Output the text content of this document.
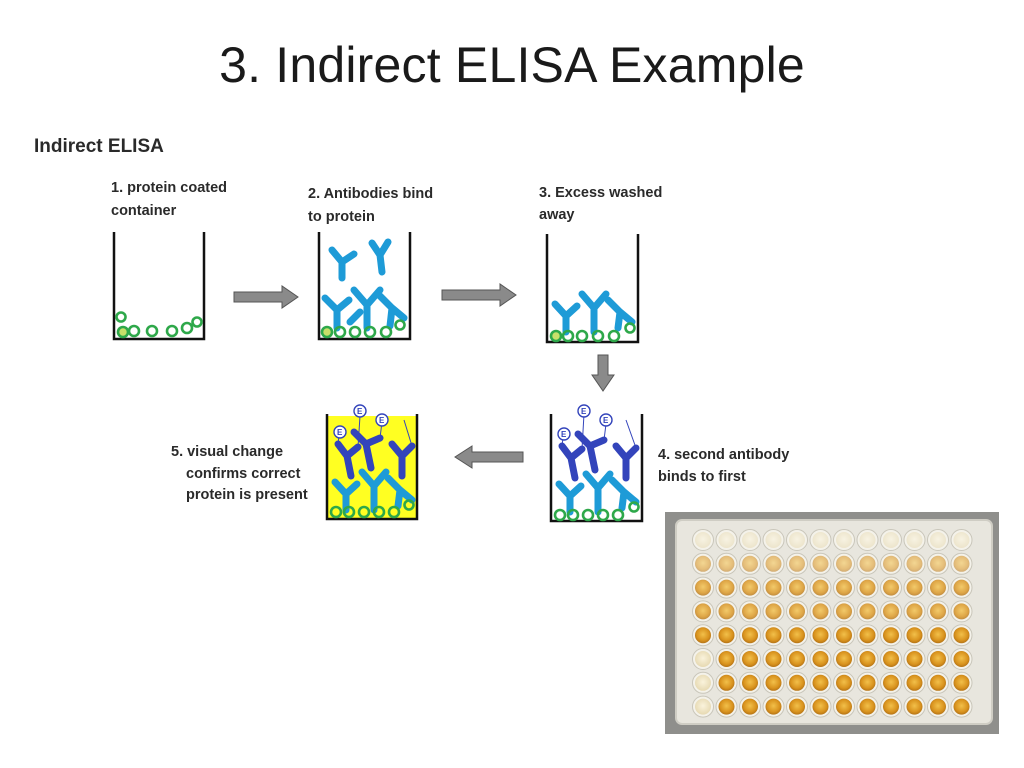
3. Indirect ELISA Example
Indirect ELISA
1. protein coated
container
2. Antibodies bind
to protein
3. Excess washed
away
4. second antibody
binds to first
E
E
E
5. visual change
confirms correct
protein is present
E
E
E
